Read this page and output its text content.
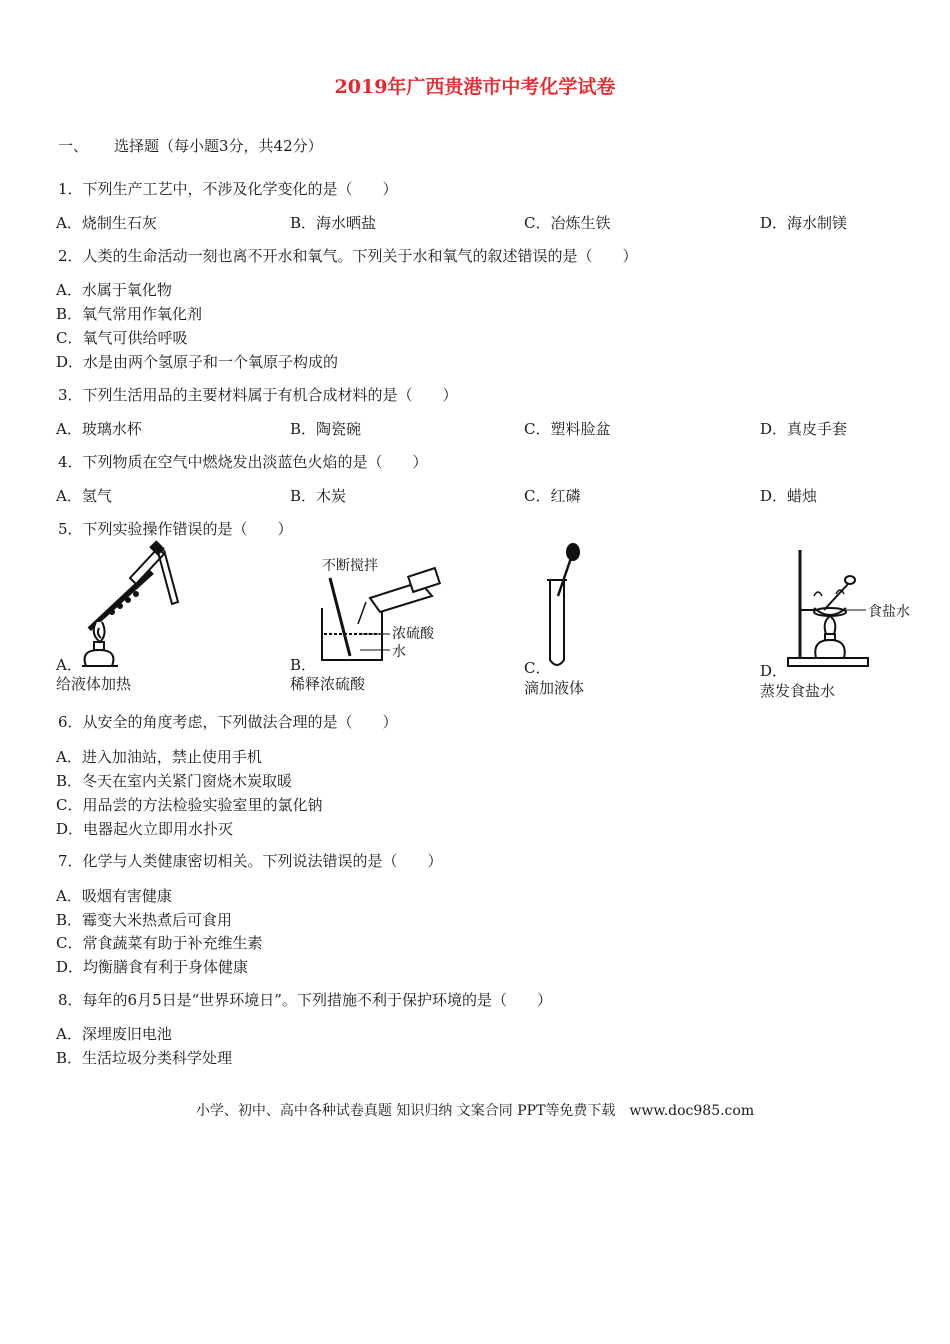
2019年广西贵港市中考化学试卷
一、 选择题（每小题3分，共42分）
1．下列生产工艺中，不涉及化学变化的是（　　）
A．烧制生石灰	B．海水晒盐	C．冶炼生铁	D．海水制镁
2．人类的生命活动一刻也离不开水和氧气。下列关于水和氧气的叙述错误的是（　　）
A．水属于氧化物
B．氧气常用作氧化剂
C．氧气可供给呼吸
D．水是由两个氢原子和一个氧原子构成的
3．下列生活用品的主要材料属于有机合成材料的是（　　）
A．玻璃水杯	B．陶瓷碗	C．塑料脸盆	D．真皮手套
4．下列物质在空气中燃烧发出淡蓝色火焰的是（　　）
A．氢气	B．木炭	C．红磷	D．蜡烛
5．下列实验操作错误的是（　　）
A．
给液体加热
不断搅拌
浓硫酸
水
B．
稀释浓硫酸
C．
滴加液体
食盐水
D．
蒸发食盐水
6．从安全的角度考虑，下列做法合理的是（　　）
A．进入加油站，禁止使用手机
B．冬天在室内关紧门窗烧木炭取暖
C．用品尝的方法检验实验室里的氯化钠
D．电器起火立即用水扑灭
7．化学与人类健康密切相关。下列说法错误的是（　　）
A．吸烟有害健康
B．霉变大米热煮后可食用
C．常食蔬菜有助于补充维生素
D．均衡膳食有利于身体健康
8．每年的6月5日是“世界环境日”。下列措施不利于保护环境的是（　　）
A．深埋废旧电池
B．生活垃圾分类科学处理
小学、初中、高中各种试卷真题 知识归纳 文案合同 PPT等免费下载　www.doc985.com
